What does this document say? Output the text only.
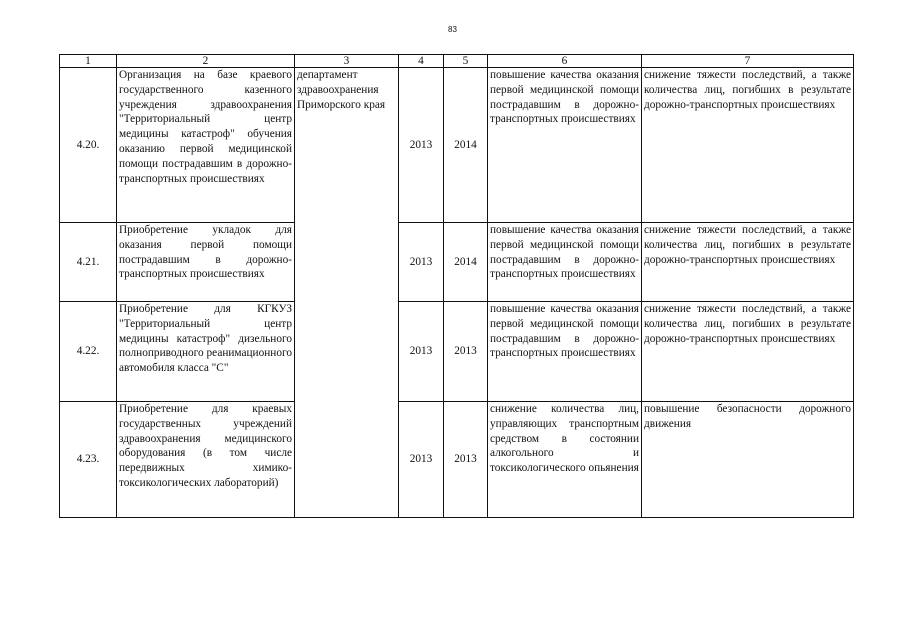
83
1	2	3	4	5	6	7
4.20.	Организация на базе краевого государственного казенного учреждения здравоохранения "Территориальный центр медицины катастроф" обучения оказанию первой медицинской помощи пострадавшим в дорожно-транспортных происшествиях	департамент здравоохранения Приморского края	2013	2014	повышение качества оказания первой медицинской помощи пострадавшим в дорожно-транспортных происшествиях	снижение тяжести последствий, а также количества лиц, погибших в результате дорожно-транспортных происшествиях
4.21.	Приобретение укладок для оказания первой помощи пострадавшим в дорожно-транспортных происшествиях		2013	2014	повышение качества оказания первой медицинской помощи пострадавшим в дорожно-транспортных происшествиях	снижение тяжести последствий, а также количества лиц, погибших в результате дорожно-транспортных происшествиях
4.22.	Приобретение для КГКУЗ "Территориальный центр медицины катастроф" дизельного полноприводного реанимационного автомобиля класса "С"		2013	2013	повышение качества оказания первой медицинской помощи пострадавшим в дорожно-транспортных происшествиях	снижение тяжести последствий, а также количества лиц, погибших в результате дорожно-транспортных происшествиях
4.23.	Приобретение для краевых государственных учреждений здравоохранения медицинского оборудования (в том числе передвижных химико-токсикологических лабораторий)		2013	2013	снижение количества лиц, управляющих транспортным средством в состоянии алкогольного и токсикологического опьянения	повышение безопасности дорожного движения
